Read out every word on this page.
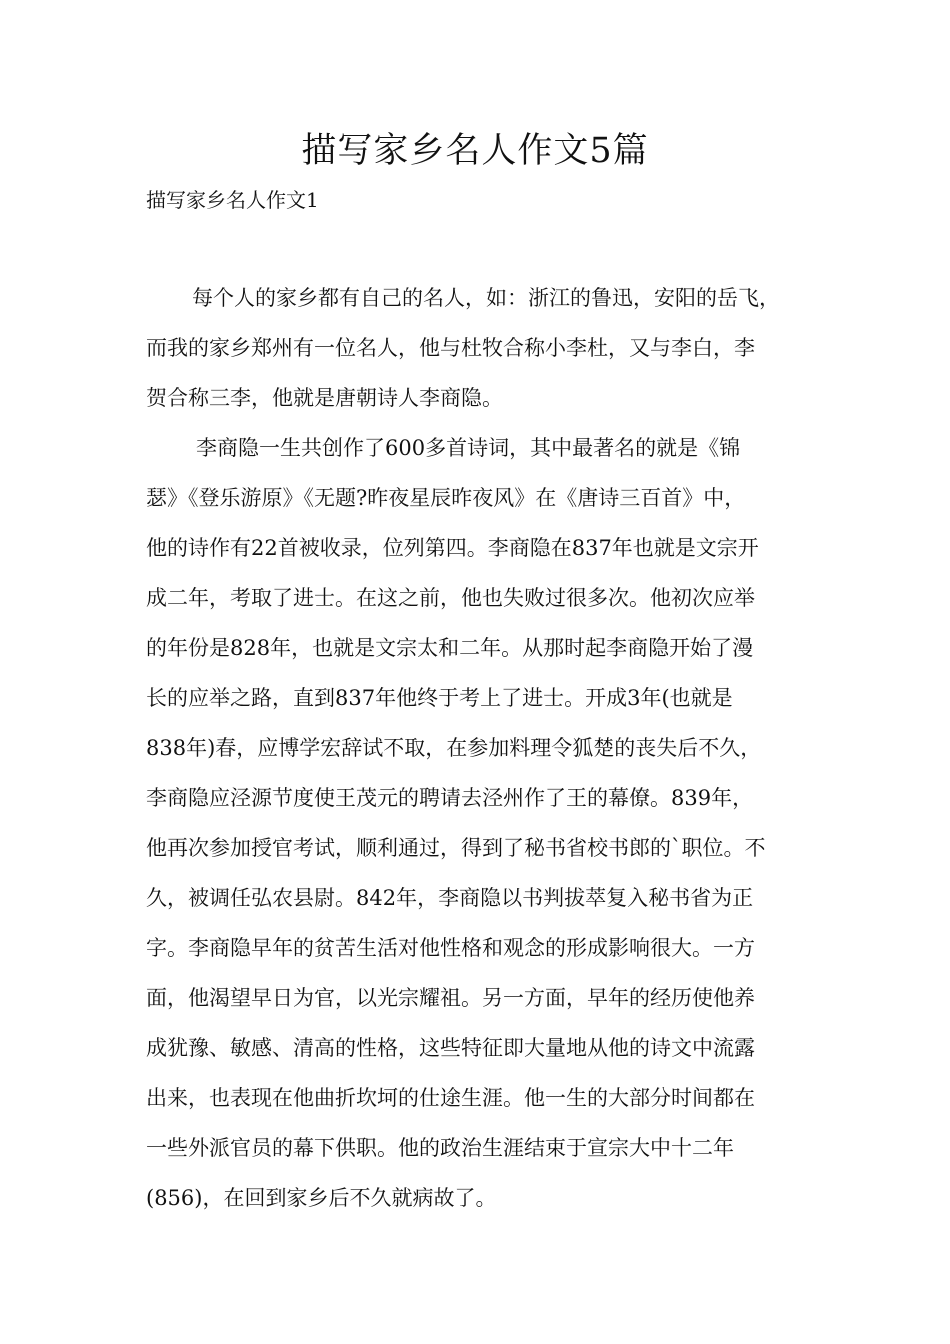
描写家乡名人作文5篇

描写家乡名人作文1

每个人的家乡都有自己的名人，如：浙江的鲁迅，安阳的岳飞，
而我的家乡郑州有一位名人，他与杜牧合称小李杜，又与李白，李
贺合称三李，他就是唐朝诗人李商隐。
李商隐一生共创作了600多首诗词，其中最著名的就是《锦
瑟》《登乐游原》《无题?昨夜星辰昨夜风》在《唐诗三百首》中，
他的诗作有22首被收录，位列第四。李商隐在837年也就是文宗开
成二年，考取了进士。在这之前，他也失败过很多次。他初次应举
的年份是828年，也就是文宗太和二年。从那时起李商隐开始了漫
长的应举之路，直到837年他终于考上了进士。开成3年(也就是
838年)春，应博学宏辞试不取，在参加料理令狐楚的丧失后不久，
李商隐应泾源节度使王茂元的聘请去泾州作了王的幕僚。839年，
他再次参加授官考试，顺利通过，得到了秘书省校书郎的`职位。不
久，被调任弘农县尉。842年，李商隐以书判拔萃复入秘书省为正
字。李商隐早年的贫苦生活对他性格和观念的形成影响很大。一方
面，他渴望早日为官，以光宗耀祖。另一方面，早年的经历使他养
成犹豫、敏感、清高的性格，这些特征即大量地从他的诗文中流露
出来，也表现在他曲折坎坷的仕途生涯。他一生的大部分时间都在
一些外派官员的幕下供职。他的政治生涯结束于宣宗大中十二年
(856)，在回到家乡后不久就病故了。
